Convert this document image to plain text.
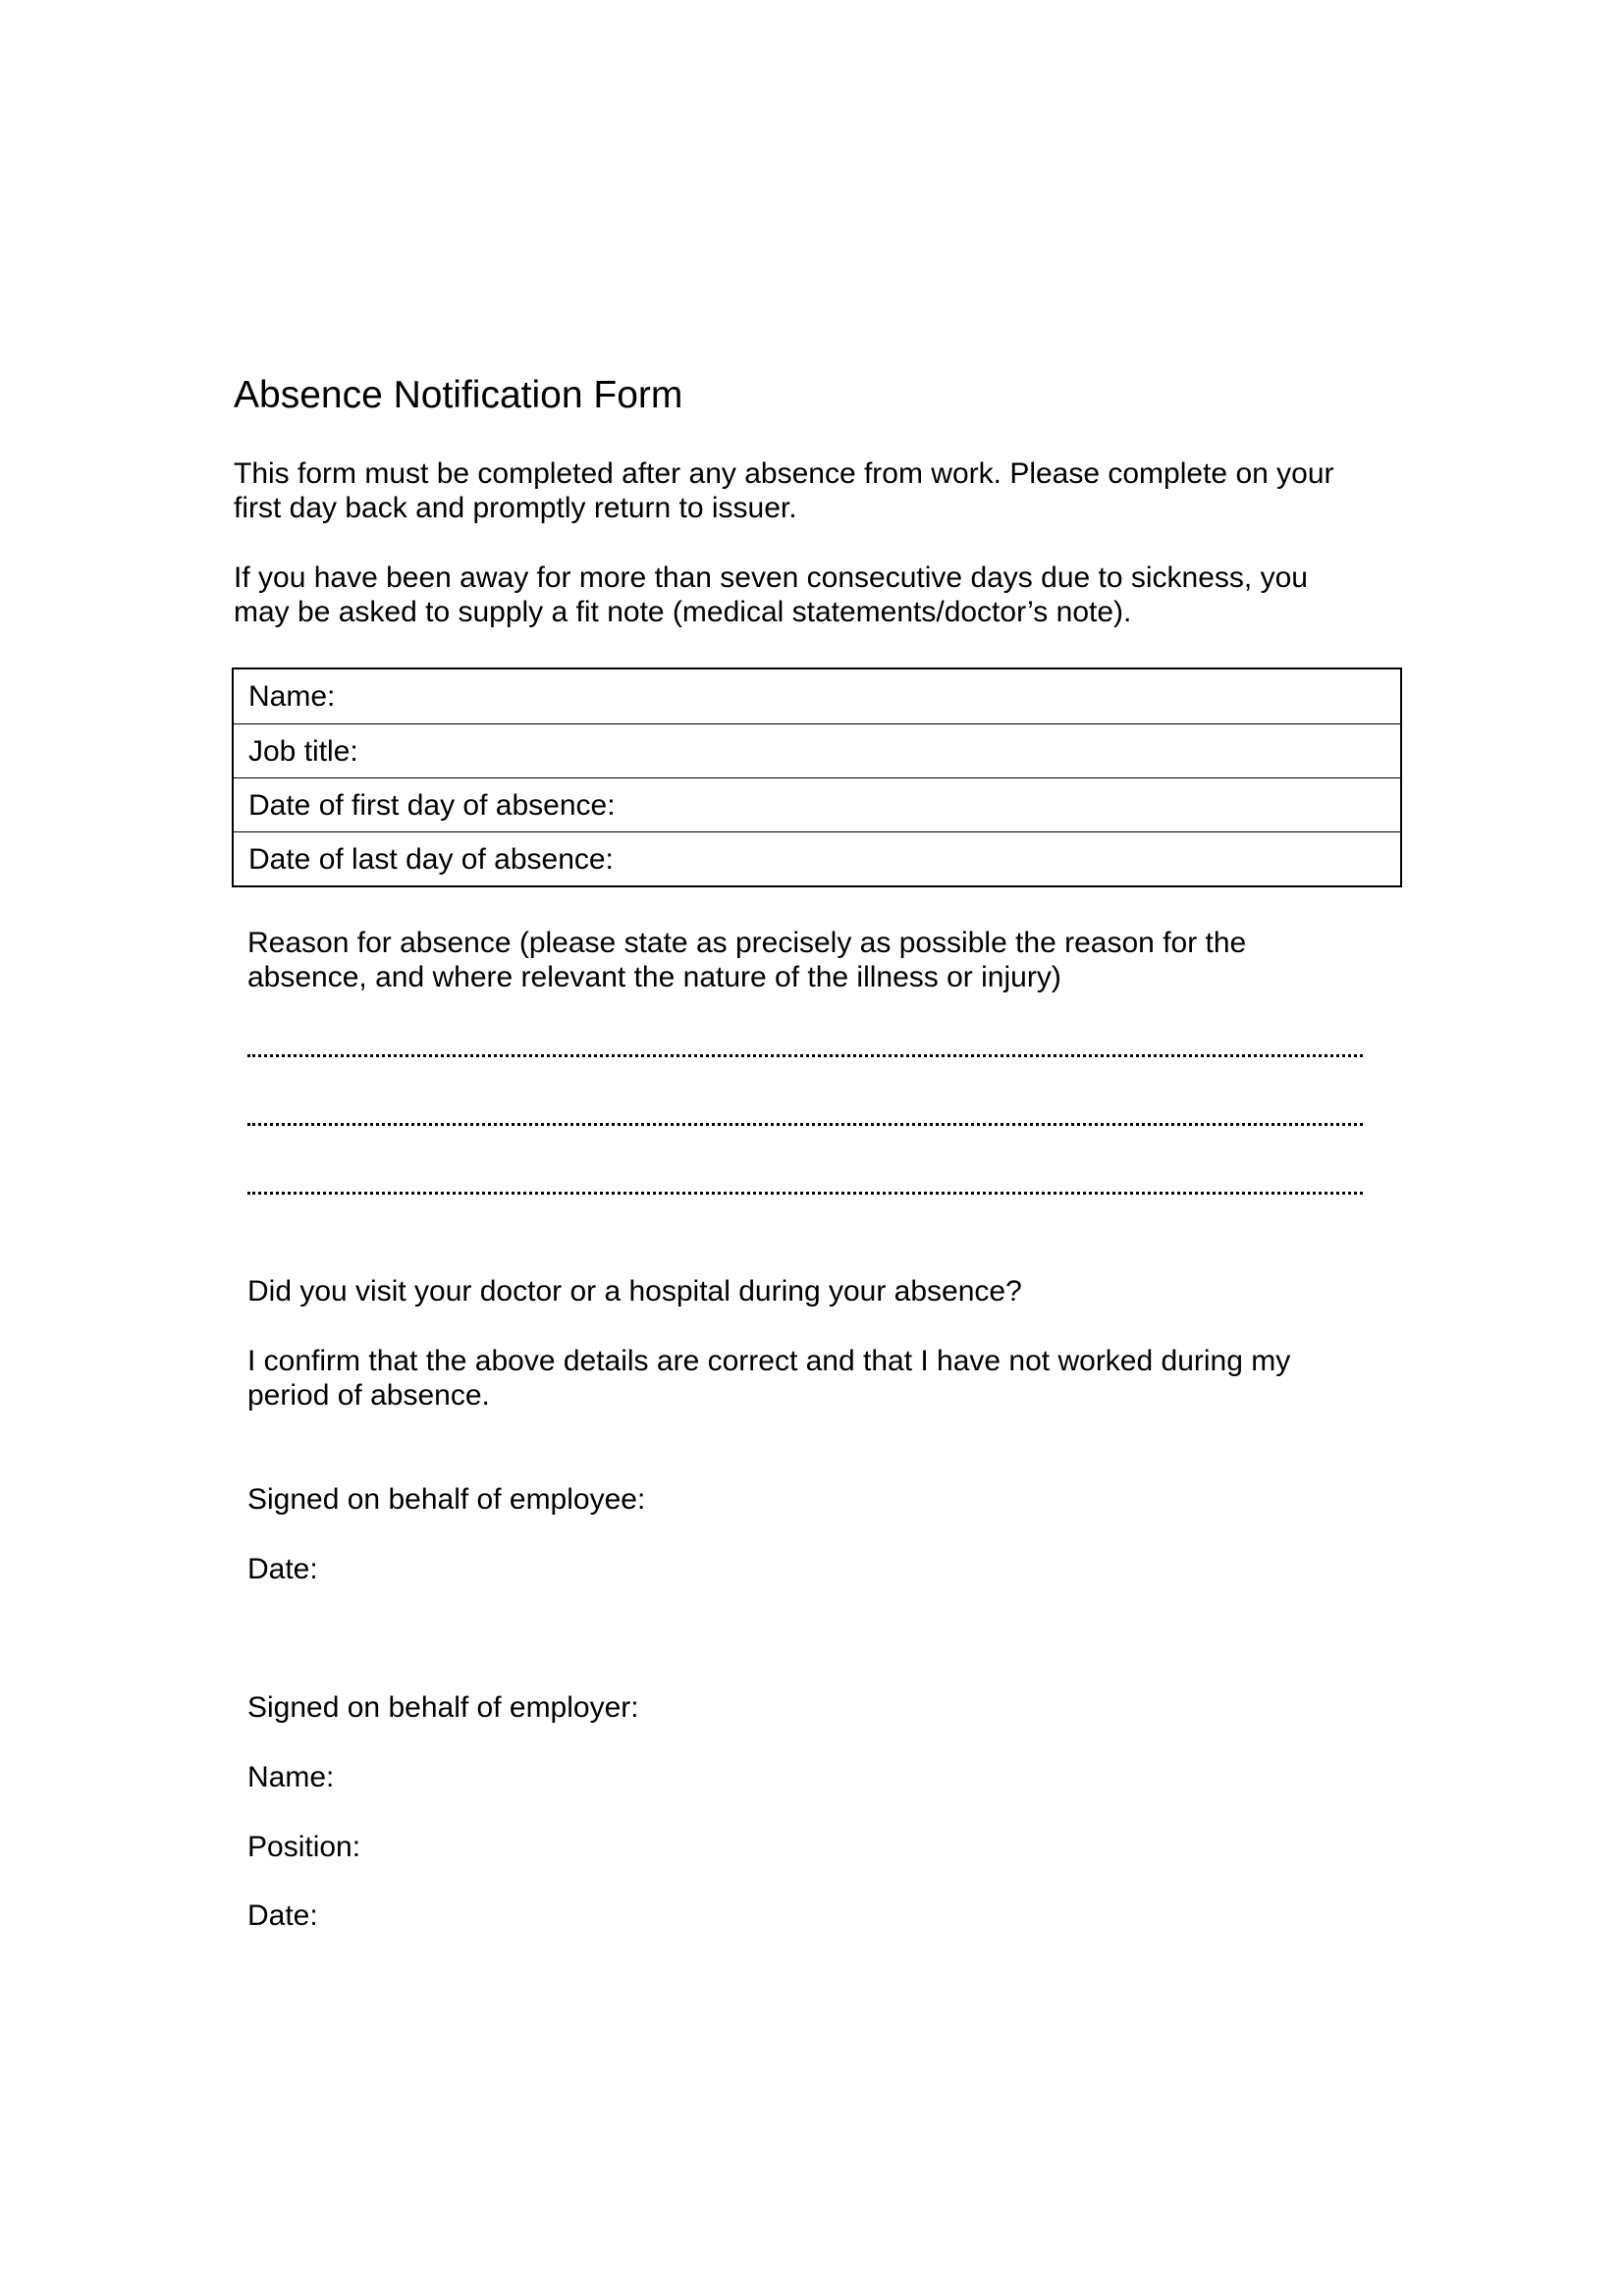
Absence Notification Form
This form must be completed after any absence from work. Please complete on your
first day back and promptly return to issuer.
If you have been away for more than seven consecutive days due to sickness, you
may be asked to supply a fit note (medical statements/doctor’s note).
Name:
Job title:
Date of first day of absence:
Date of last day of absence:
Reason for absence (please state as precisely as possible the reason for the
absence, and where relevant the nature of the illness or injury)

Did you visit your doctor or a hospital during your absence?

I confirm that the above details are correct and that I have not worked during my
period of absence.

Signed on behalf of employee:

Date:

Signed on behalf of employer:

Name:

Position:

Date:
